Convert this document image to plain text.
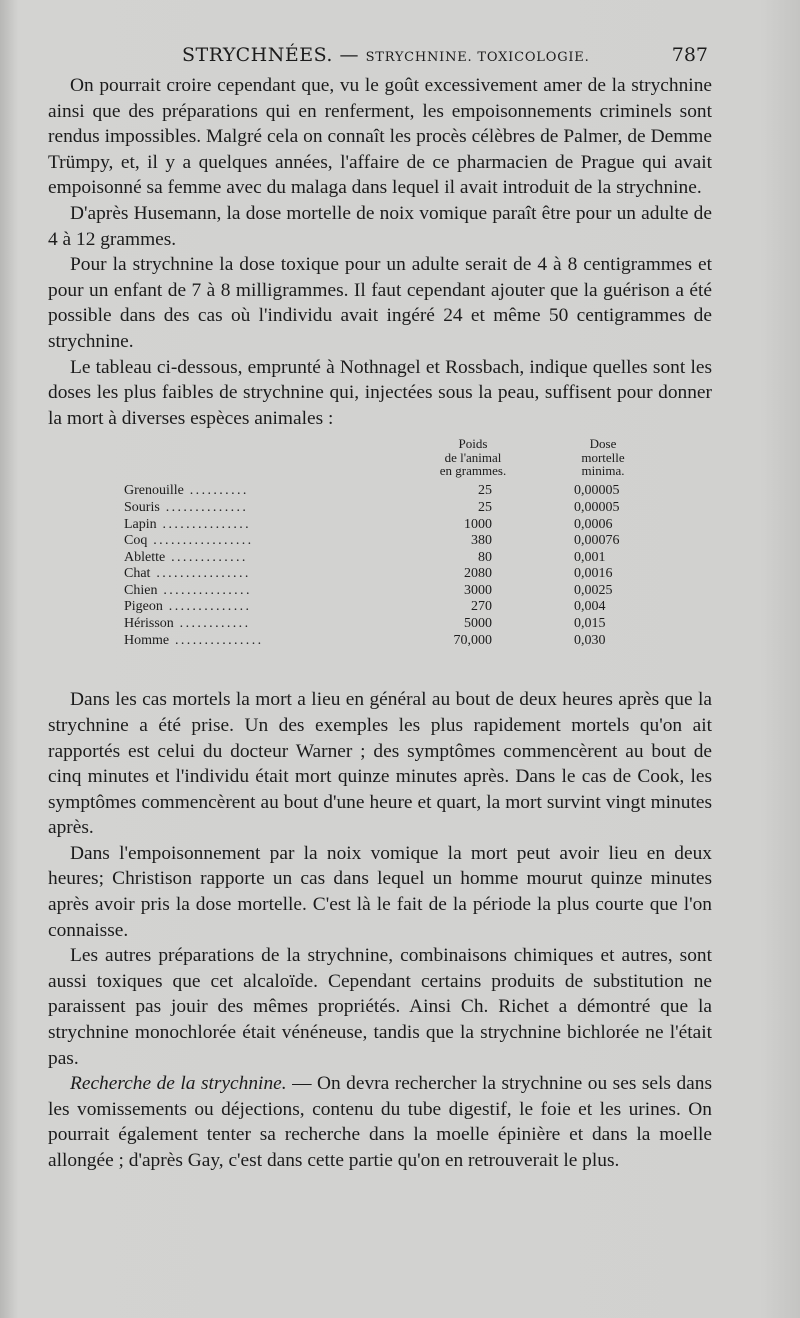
STRYCHNÉES. — STRYCHNINE. TOXICOLOGIE.	787

On pourrait croire cependant que, vu le goût excessivement amer de la strychnine ainsi que des préparations qui en renferment, les empoisonnements criminels sont rendus impossibles. Malgré cela on connaît les procès célèbres de Palmer, de Demme Trümpy, et, il y a quelques années, l'affaire de ce pharmacien de Prague qui avait empoisonné sa femme avec du malaga dans lequel il avait introduit de la strychnine.

D'après Husemann, la dose mortelle de noix vomique paraît être pour un adulte de 4 à 12 grammes.

Pour la strychnine la dose toxique pour un adulte serait de 4 à 8 centigrammes et pour un enfant de 7 à 8 milligrammes. Il faut cependant ajouter que la guérison a été possible dans des cas où l'individu avait ingéré 24 et même 50 centigrammes de strychnine.

Le tableau ci-dessous, emprunté à Nothnagel et Rossbach, indique quelles sont les doses les plus faibles de strychnine qui, injectées sous la peau, suffisent pour donner la mort à diverses espèces animales :

Poids
de l'animal
en grammes.
Dose
mortelle
minima.
Grenouille ..........	25	0,00005
Souris ..............	25	0,00005
Lapin ...............	1000	0,0006
Coq .................	380	0,00076
Ablette .............	80	0,001
Chat ................	2080	0,0016
Chien ...............	3000	0,0025
Pigeon ..............	270	0,004
Hérisson ............	5000	0,015
Homme ...............	70,000	0,030

Dans les cas mortels la mort a lieu en général au bout de deux heures après que la strychnine a été prise. Un des exemples les plus rapidement mortels qu'on ait rapportés est celui du docteur Warner ; des symptômes commencèrent au bout de cinq minutes et l'individu était mort quinze minutes après. Dans le cas de Cook, les symptômes commencèrent au bout d'une heure et quart, la mort survint vingt minutes après.

Dans l'empoisonnement par la noix vomique la mort peut avoir lieu en deux heures; Christison rapporte un cas dans lequel un homme mourut quinze minutes après avoir pris la dose mortelle. C'est là le fait de la période la plus courte que l'on connaisse.

Les autres préparations de la strychnine, combinaisons chimiques et autres, sont aussi toxiques que cet alcaloïde. Cependant certains produits de substitution ne paraissent pas jouir des mêmes propriétés. Ainsi Ch. Richet a démontré que la strychnine monochlorée était vénéneuse, tandis que la strychnine bichlorée ne l'était pas.

Recherche de la strychnine. — On devra rechercher la strychnine ou ses sels dans les vomissements ou déjections, contenu du tube digestif, le foie et les urines. On pourrait également tenter sa recherche dans la moelle épinière et dans la moelle allongée ; d'après Gay, c'est dans cette partie qu'on en retrouverait le plus.
